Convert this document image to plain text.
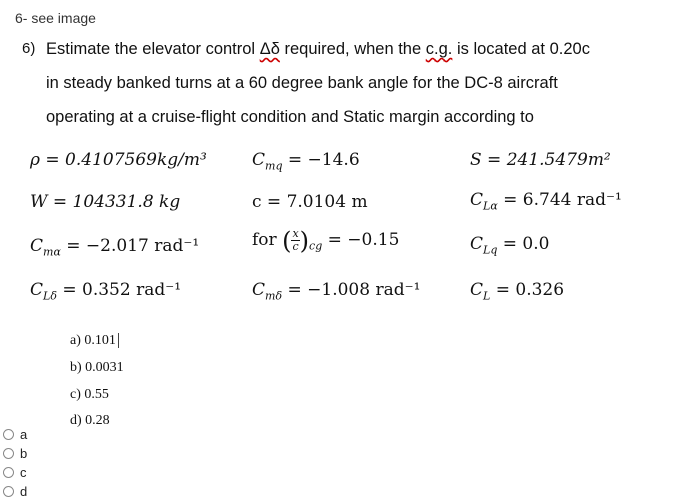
6- see image
6) Estimate the elevator control Δδ required, when the c.g. is located at 0.20c
in steady banked turns at a 60 degree bank angle for the DC-8 aircraft
operating at a cruise-flight condition and Static margin according to
ρ = 0.4107569kg/m³	$C_{mq} = -14.6$	S = 241.5479m²
W = 104331.8 kg	c = 7.0104 m	$C_{L\alpha} = 6.744$ rad⁻¹
$C_{m\alpha} = -2.017$ rad⁻¹	for ( $\frac{x}{c} )_{cg} = -0.15$	$C_{Lq} = 0.0$
$C_{L\delta} = 0.352$ rad⁻¹	$C_{m\delta} = -1.008$ rad⁻¹	$C_L = 0.326$
a) 0.101
b) 0.0031
c) 0.55
d) 0.28
a
b
c
d
